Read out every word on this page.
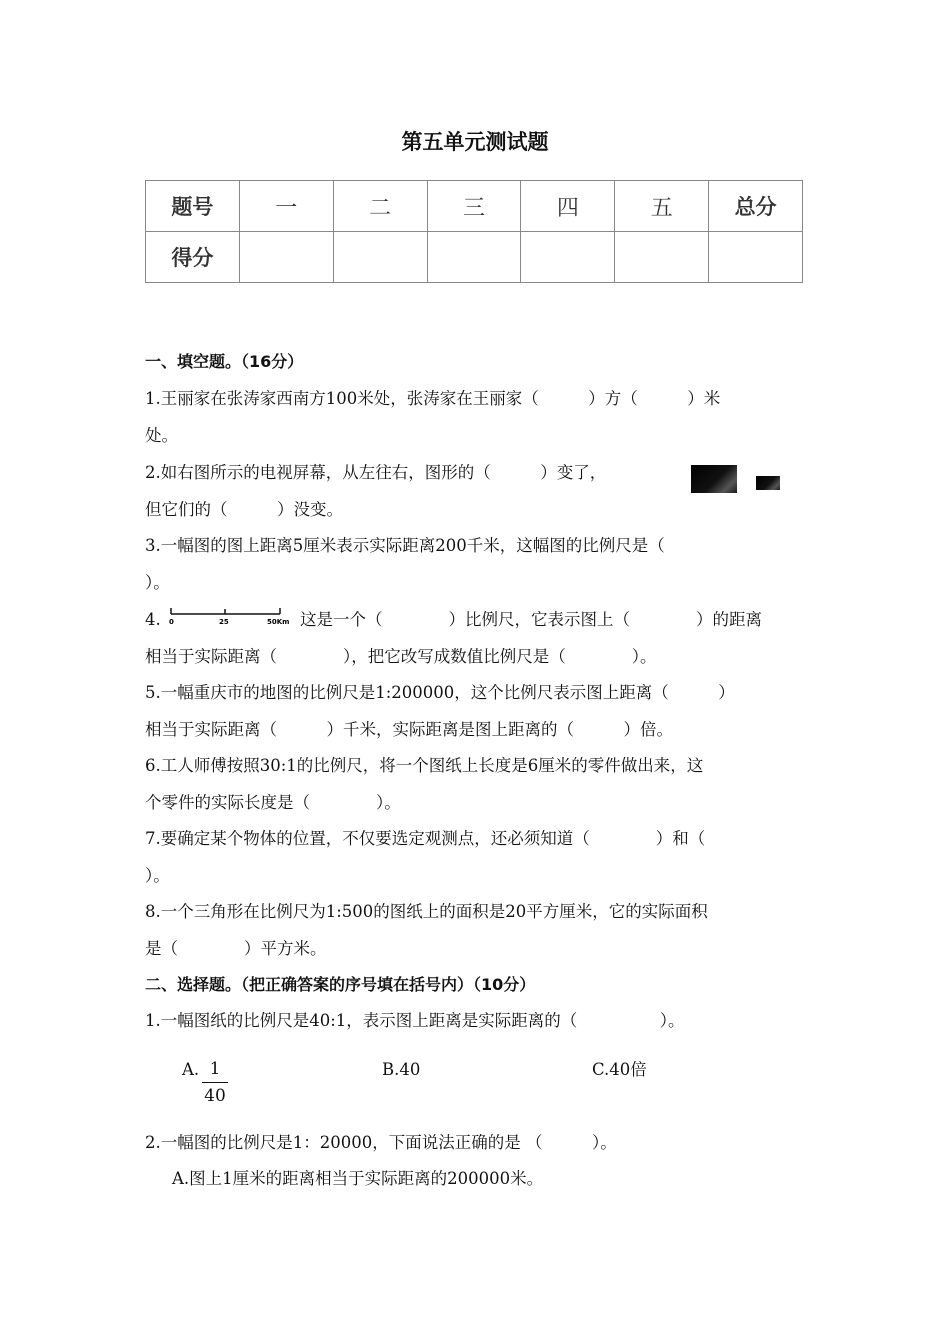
第五单元测试题
题号	一	二	三	四	五	总分
得分						
一、填空题。（16分）
1.王丽家在张涛家西南方100米处，张涛家在王丽家（　　　）方（　　　）米
处。
2.如右图所示的电视屏幕，从左往右，图形的（　　　）变了，
但它们的（　　　）没变。
3.一幅图的图上距离5厘米表示实际距离200千米，这幅图的比例尺是（
）。
4. 0	25	50Km 这是一个（　　　　）比例尺，它表示图上（　　　　）的距离
相当于实际距离（　　　　），把它改写成数值比例尺是（　　　　）。
5.一幅重庆市的地图的比例尺是1:200000，这个比例尺表示图上距离（　　　）
相当于实际距离（　　　）千米，实际距离是图上距离的（　　　）倍。
6.工人师傅按照30:1的比例尺，将一个图纸上长度是6厘米的零件做出来，这
个零件的实际长度是（　　　　）。
7.要确定某个物体的位置，不仅要选定观测点，还必须知道（　　　　）和（
）。
8.一个三角形在比例尺为1:500的图纸上的面积是20平方厘米，它的实际面积
是（　　　　）平方米。
二、选择题。（把正确答案的序号填在括号内）（10分）
1.一幅图纸的比例尺是40:1，表示图上距离是实际距离的（　　　　　）。
A. $\frac{1}{40}$	B.40	C.40倍
2.一幅图的比例尺是1：20000，下面说法正确的是 （　　　）。
A.图上1厘米的距离相当于实际距离的200000米。
